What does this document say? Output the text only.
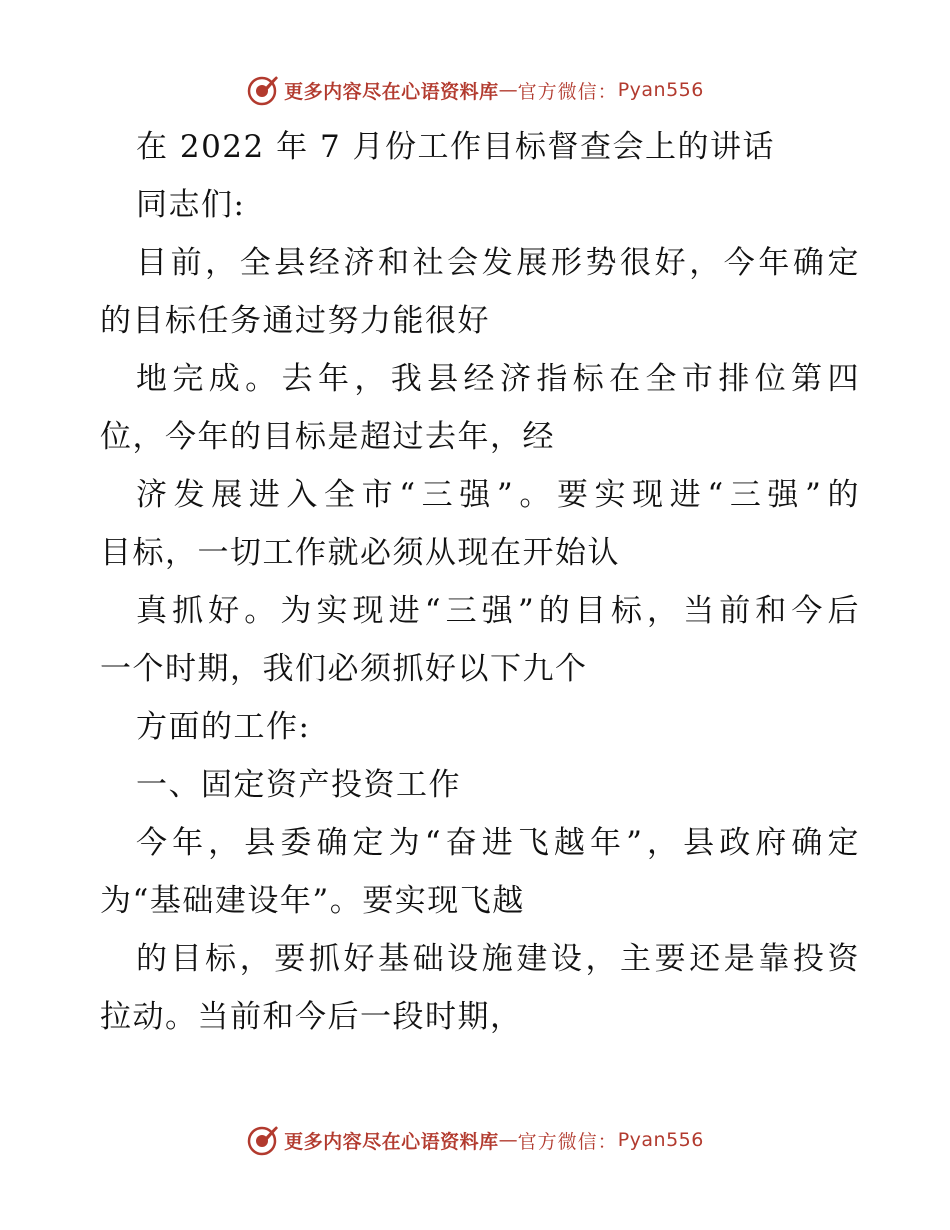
更多内容尽在心语资料库 — 官方微信： Pyan556
在 2022 年 7 月份工作目标督查会上的讲话
同志们:
目前，全县经济和社会发展形势很好，今年确定
的目标任务通过努力能很好
地完成。去年，我县经济指标在全市排位第四
位，今年的目标是超过去年，经
济发展进入全市“三强”。要实现进“三强”的
目标，一切工作就必须从现在开始认
真抓好。为实现进“三强”的目标，当前和今后
一个时期，我们必须抓好以下九个
方面的工作:
一、固定资产投资工作
今年，县委确定为“奋进飞越年”，县政府确定
为“基础建设年”。要实现飞越
的目标，要抓好基础设施建设，主要还是靠投资
拉动。当前和今后一段时期，
更多内容尽在心语资料库 — 官方微信： Pyan556
